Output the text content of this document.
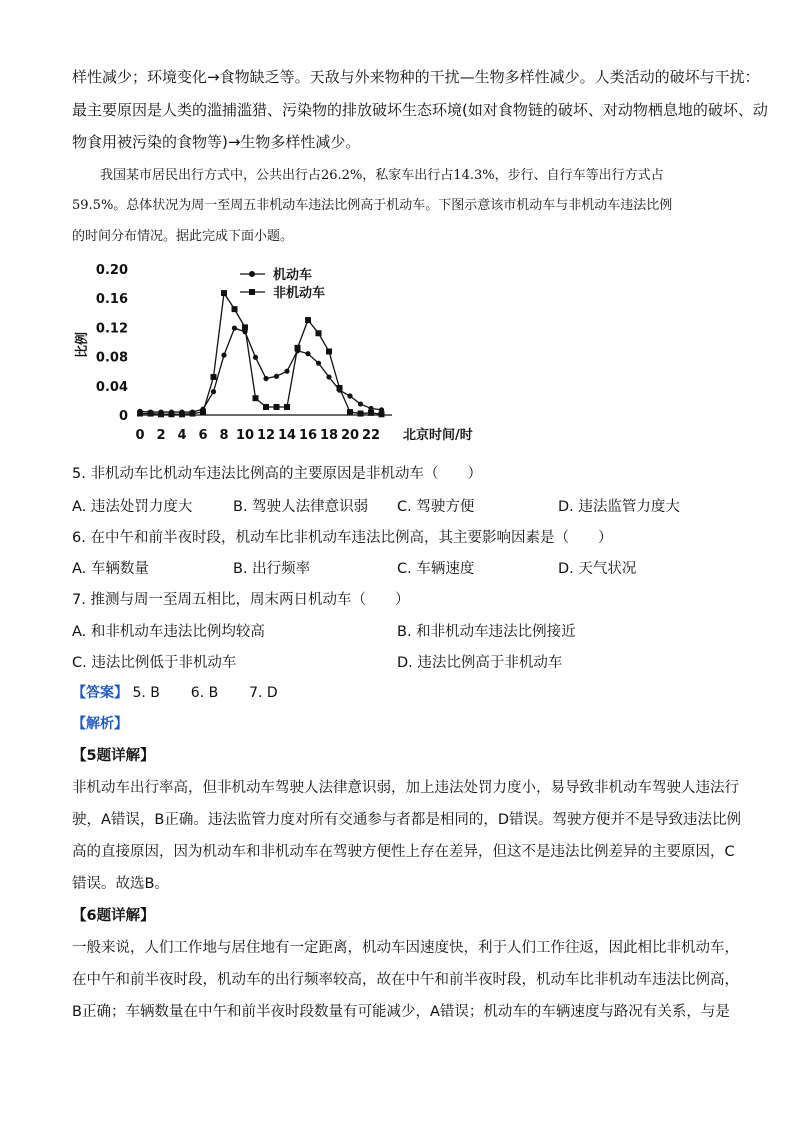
样性减少；环境变化→食物缺乏等。天敌与外来物种的干扰—生物多样性减少。人类活动的破坏与干扰：
最主要原因是人类的滥捕滥猎、污染物的排放破坏生态环境(如对食物链的破坏、对动物栖息地的破坏、动
物食用被污染的食物等)→生物多样性减少。
我国某市居民出行方式中，公共出行占26.2%，私家车出行占14.3%，步行、自行车等出行方式占
59.5%。总体状况为周一至周五非机动车违法比例高于机动车。下图示意该市机动车与非机动车违法比例
的时间分布情况。据此完成下面小题。
0
0.04
0.08
0.12
0.16
0.20
0 2 4 6 8 10 12 14 16 18 20 22
比例
北京时间/时
机动车
非机动车
5. 非机动车比机动车违法比例高的主要原因是非机动车（　　）
A. 违法处罚力度大	B. 驾驶人法律意识弱 C. 驾驶方便	D. 违法监管力度大
6. 在中午和前半夜时段，机动车比非机动车违法比例高，其主要影响因素是（　　）
A. 车辆数量	B. 出行频率	C. 车辆速度	D. 天气状况
7. 推测与周一至周五相比，周末两日机动车（　　）
A. 和非机动车违法比例均较高	B. 和非机动车违法比例接近
C. 违法比例低于非机动车	D. 违法比例高于非机动车
【答案】 5. B 6. B 7. D
【解析】
【5题详解】
非机动车出行率高，但非机动车驾驶人法律意识弱，加上违法处罚力度小，易导致非机动车驾驶人违法行
驶，A错误，B正确。违法监管力度对所有交通参与者都是相同的，D错误。驾驶方便并不是导致违法比例
高的直接原因，因为机动车和非机动车在驾驶方便性上存在差异，但这不是违法比例差异的主要原因，C
错误。故选B。
【6题详解】
一般来说，人们工作地与居住地有一定距离，机动车因速度快，利于人们工作往返，因此相比非机动车，
在中午和前半夜时段，机动车的出行频率较高，故在中午和前半夜时段，机动车比非机动车违法比例高，
B正确；车辆数量在中午和前半夜时段数量有可能减少，A错误；机动车的车辆速度与路况有关系，与是
